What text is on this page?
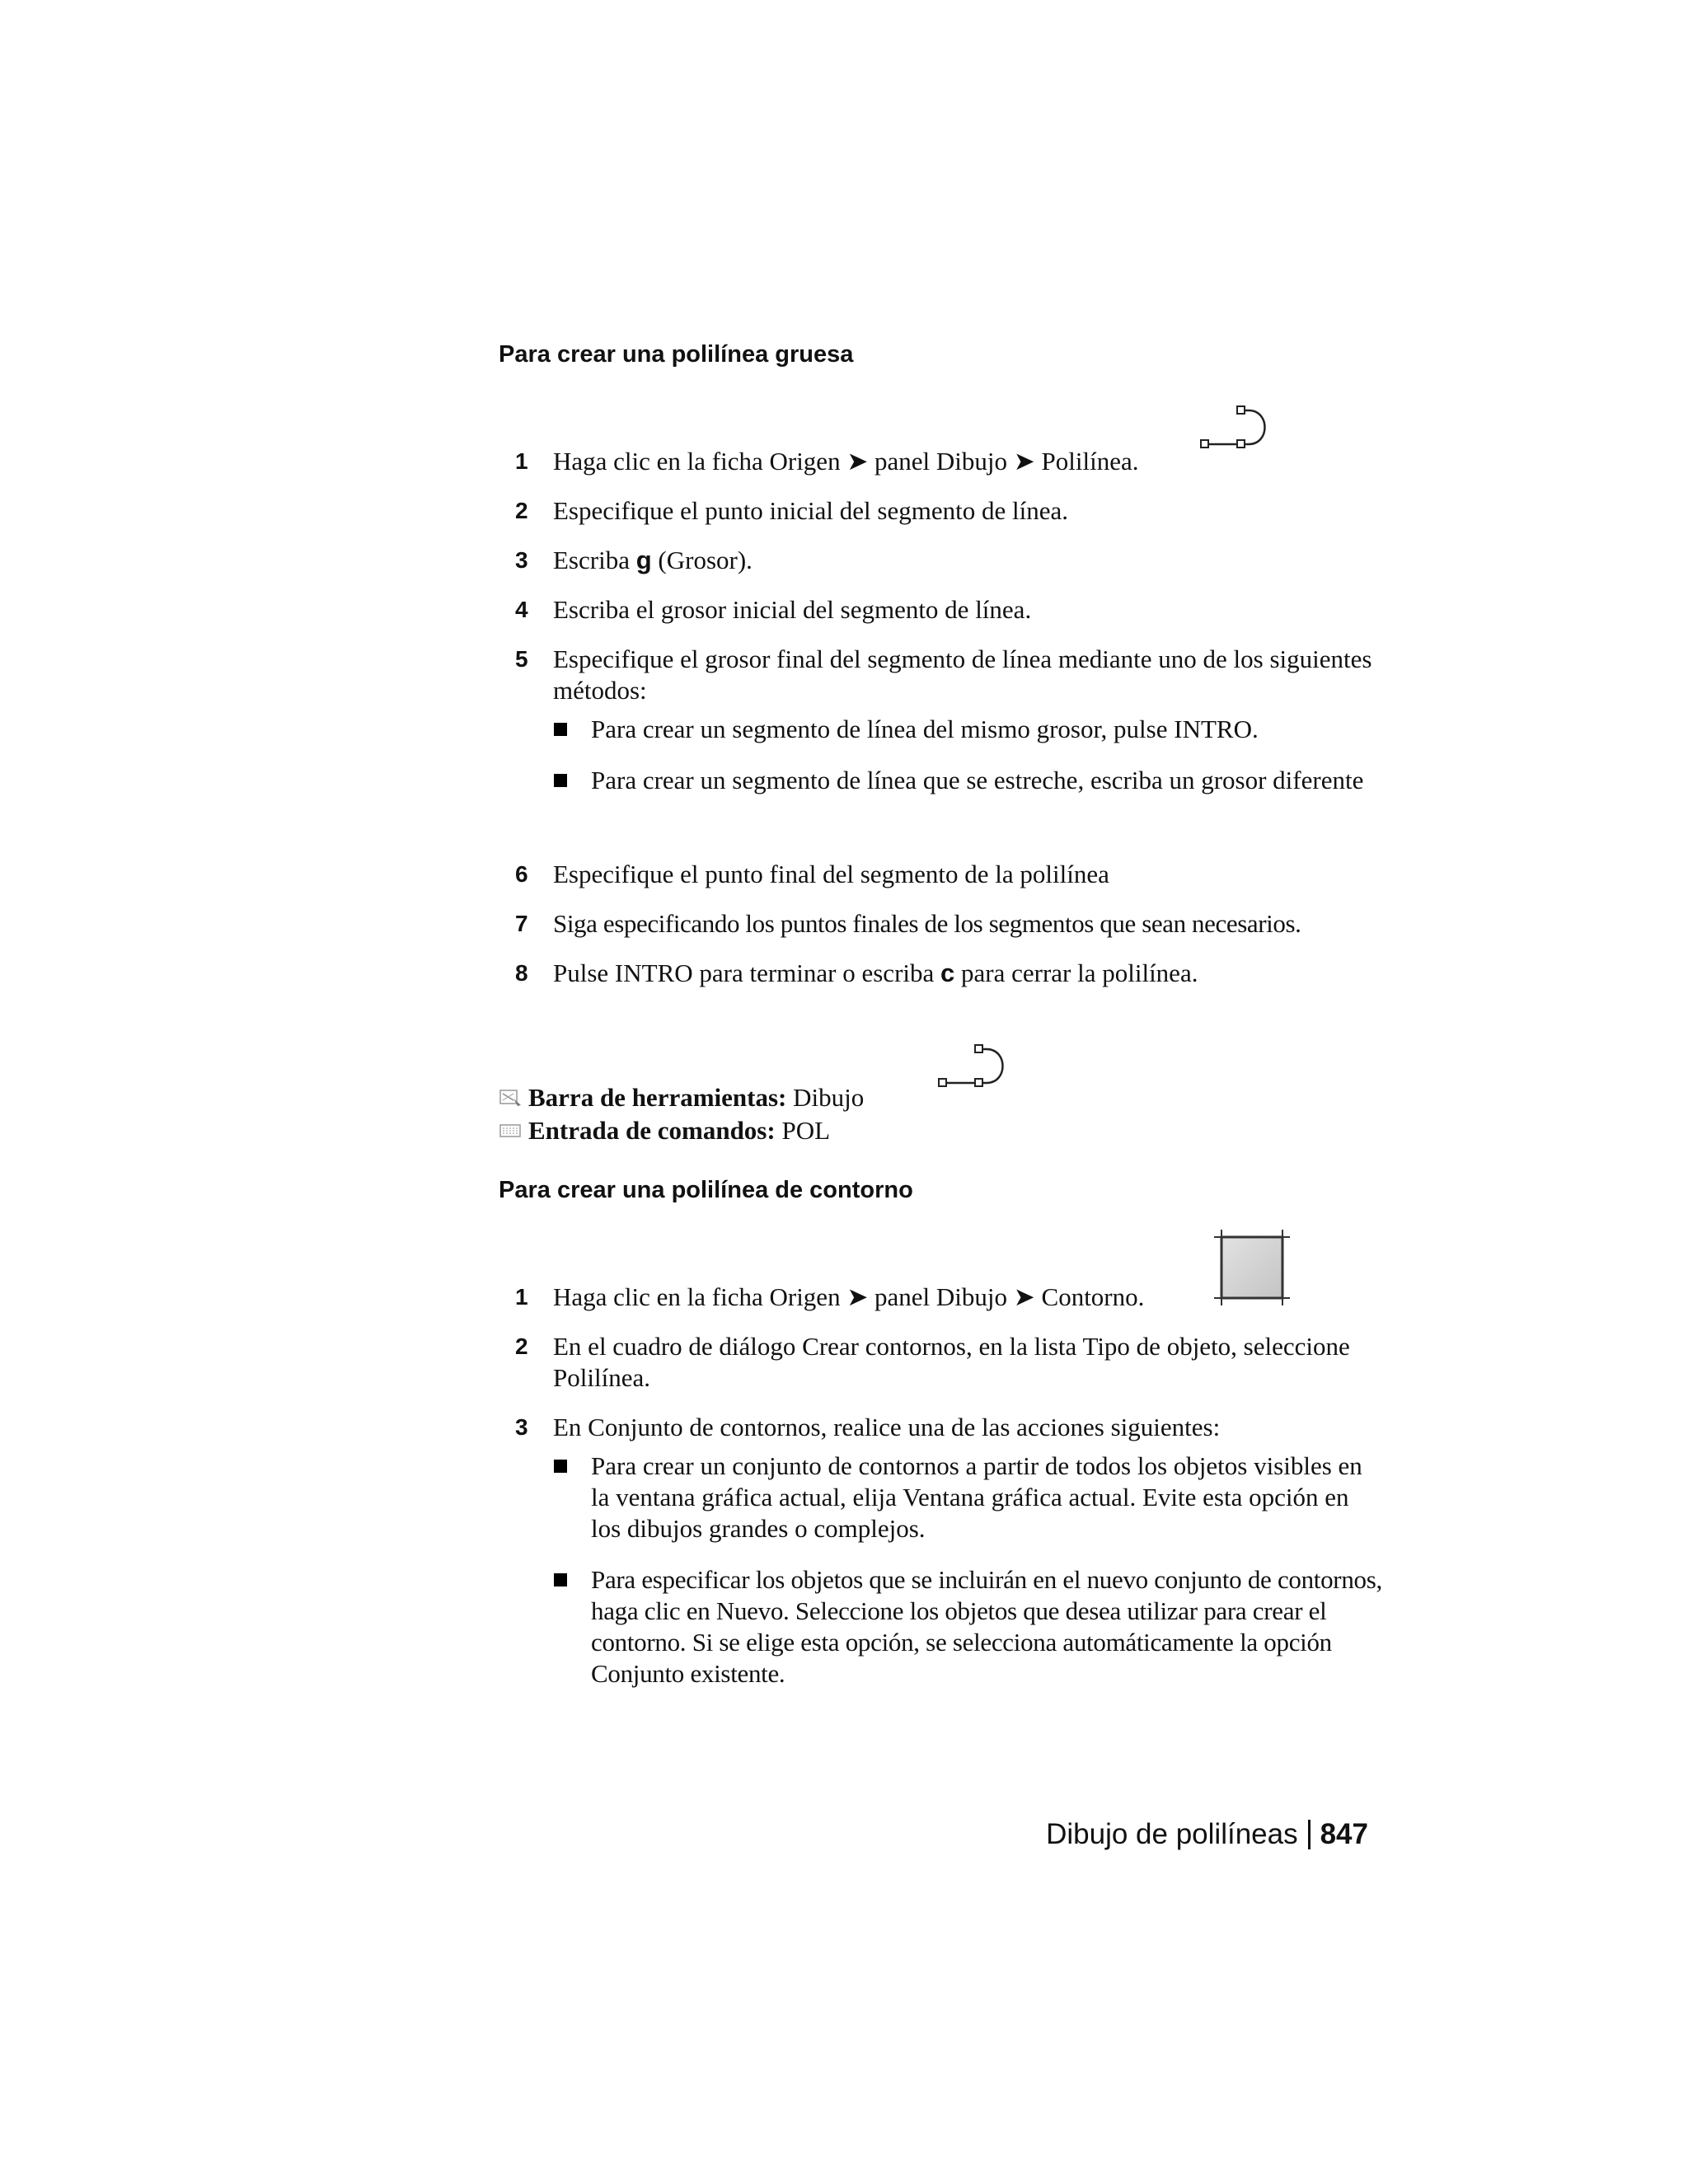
Para crear una polilínea gruesa
1 Haga clic en la ficha Origen ➤ panel Dibujo ➤ Polilínea.
2 Especifique el punto inicial del segmento de línea.
3 Escriba g (Grosor).
4 Escriba el grosor inicial del segmento de línea.
5 Especifique el grosor final del segmento de línea mediante uno de los siguientes métodos:
Para crear un segmento de línea del mismo grosor, pulse INTRO.
Para crear un segmento de línea que se estreche, escriba un grosor diferente
6 Especifique el punto final del segmento de la polilínea
7 Siga especificando los puntos finales de los segmentos que sean necesarios.
8 Pulse INTRO para terminar o escriba c para cerrar la polilínea.
Barra de herramientas: Dibujo
Entrada de comandos: POL
Para crear una polilínea de contorno
1 Haga clic en la ficha Origen ➤ panel Dibujo ➤ Contorno.
2 En el cuadro de diálogo Crear contornos, en la lista Tipo de objeto, seleccione Polilínea.
3 En Conjunto de contornos, realice una de las acciones siguientes:
Para crear un conjunto de contornos a partir de todos los objetos visibles en la ventana gráfica actual, elija Ventana gráfica actual. Evite esta opción en los dibujos grandes o complejos.
Para especificar los objetos que se incluirán en el nuevo conjunto de contornos, haga clic en Nuevo. Seleccione los objetos que desea utilizar para crear el contorno. Si se elige esta opción, se selecciona automáticamente la opción Conjunto existente.
Dibujo de polilíneas 847
